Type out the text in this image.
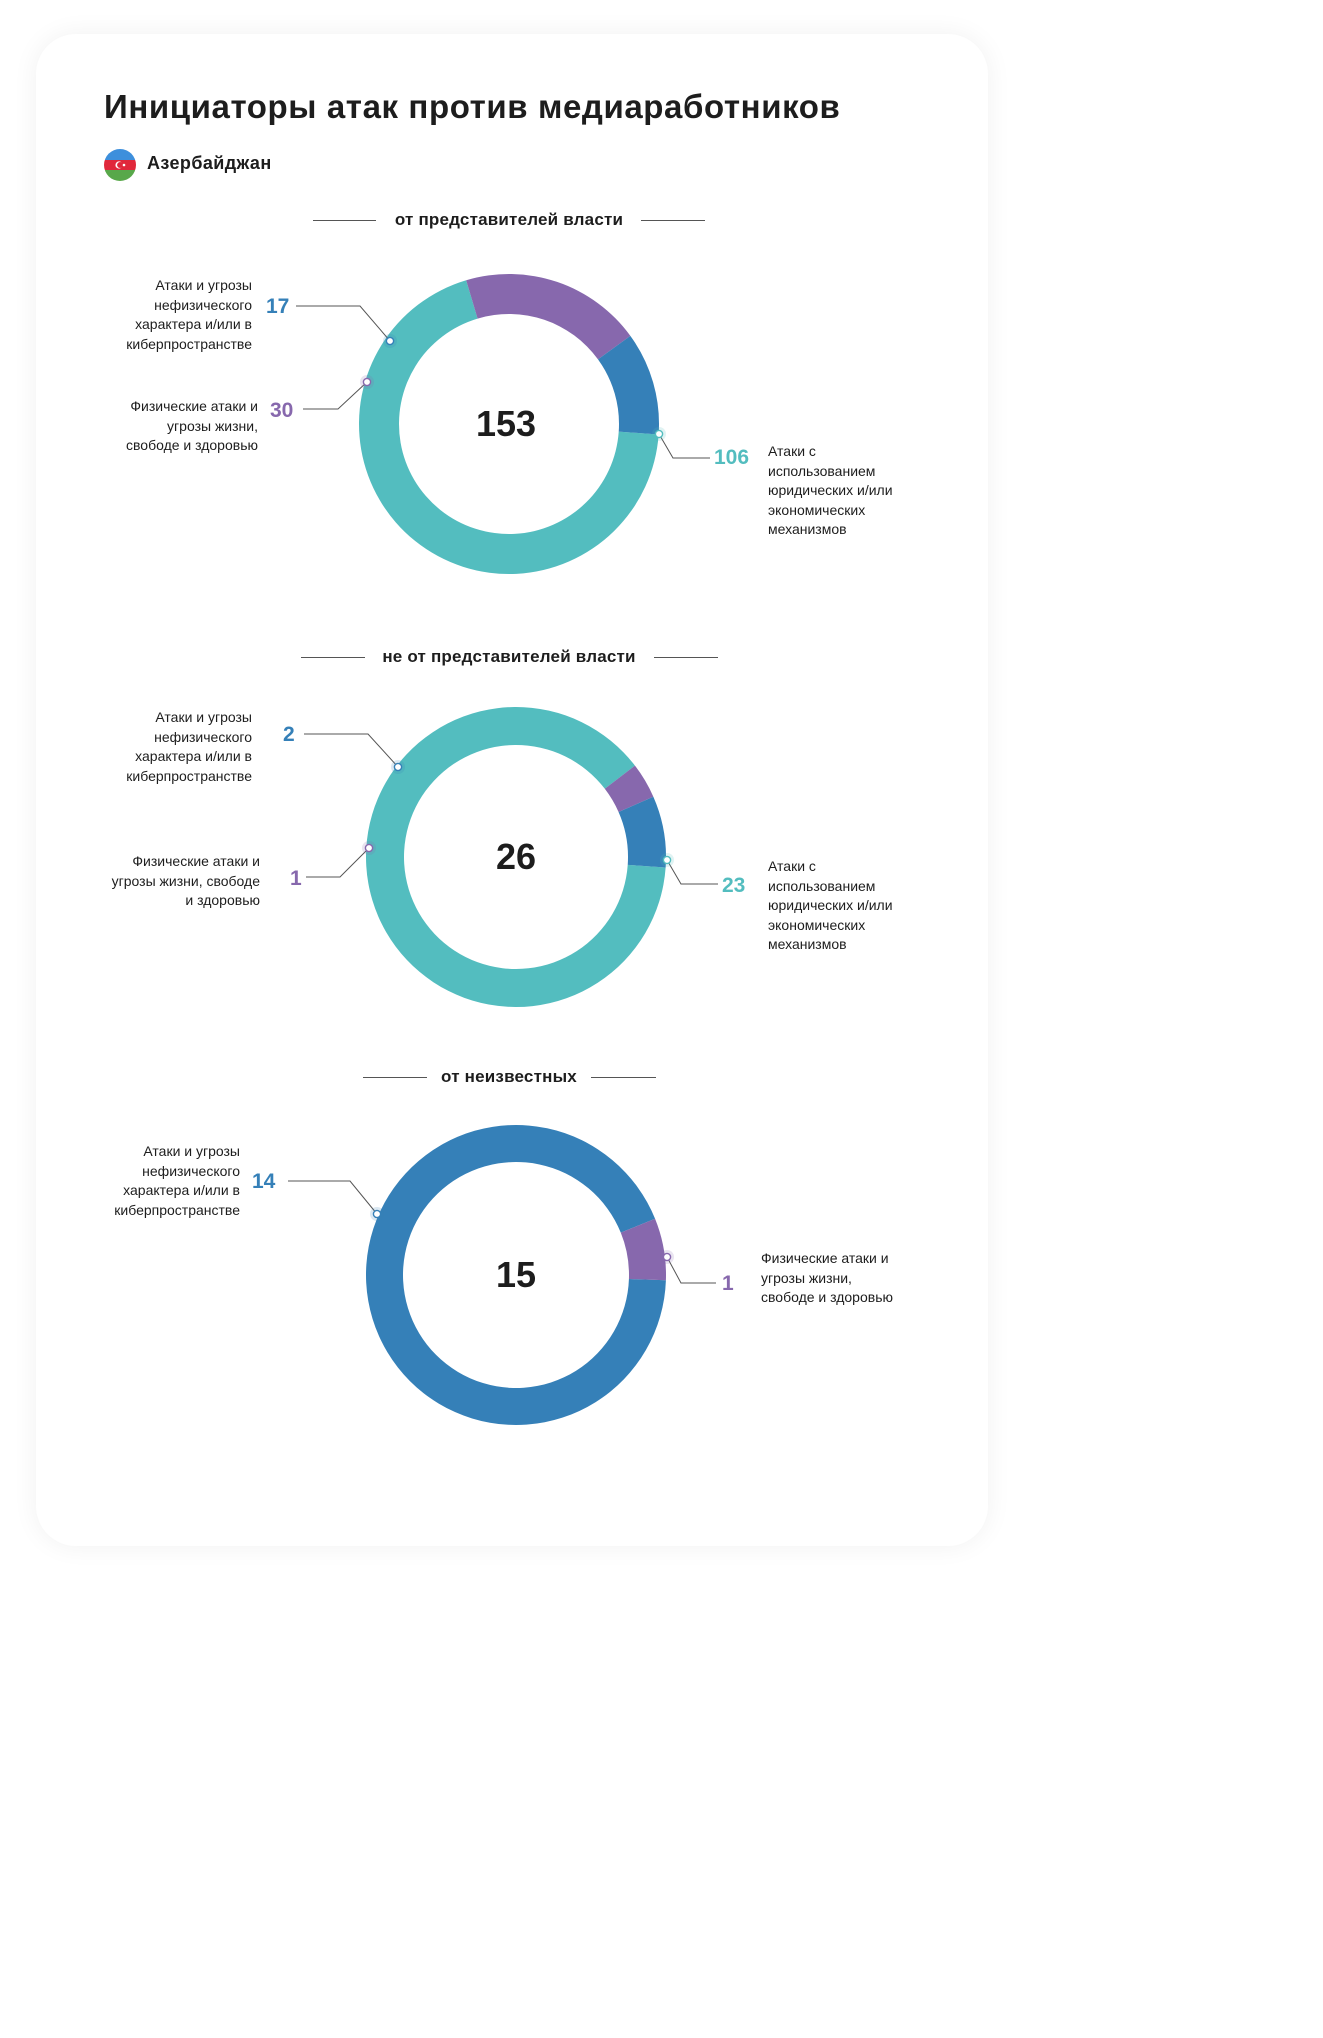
Инициаторы атак против медиаработников
Азербайджан
от представителей власти
не от представителей власти
от неизвестных
Атаки и угрозы нефизического характера и/или в киберпространстве
17
Физические атаки и угрозы жизни, свободе и здоровью
30
106 Атаки с использованием юридических и/или экономических механизмов
153
Атаки и угрозы нефизического характера и/или в киберпространстве
2
Физические атаки и угрозы жизни, свободе и здоровью
1	23
Атаки с использованием юридических и/или экономических механизмов
26
Атаки и угрозы нефизического характера и/или в киберпространстве
14
1
Физические атаки и угрозы жизни, свободе и здоровью
15
